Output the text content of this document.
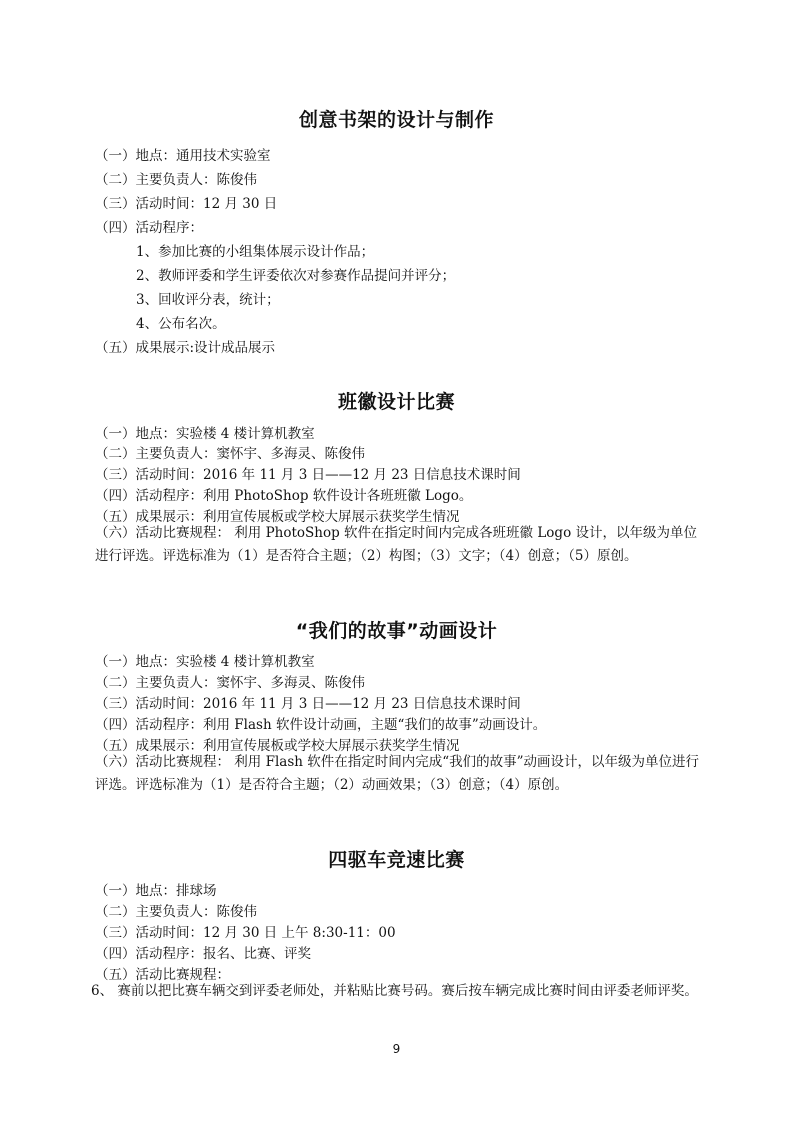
创意书架的设计与制作
（一）地点：通用技术实验室
（二）主要负责人：陈俊伟
（三）活动时间：12 月 30 日
（四）活动程序：
1、参加比赛的小组集体展示设计作品；
2、教师评委和学生评委依次对参赛作品提问并评分；
3、回收评分表，统计；
4、公布名次。
（五）成果展示:设计成品展示
班徽设计比赛
（一）地点：实验楼 4 楼计算机教室
（二）主要负责人：窦怀宇、多海灵、陈俊伟
（三）活动时间：2016 年 11 月 3 日——12 月 23 日信息技术课时间
（四）活动程序：利用 PhotoShop 软件设计各班班徽 Logo。
（五）成果展示：利用宣传展板或学校大屏展示获奖学生情况
（六）活动比赛规程： 利用 PhotoShop 软件在指定时间内完成各班班徽 Logo 设计，以年级为单位进行评选。评选标准为（1）是否符合主题；（2）构图；（3）文字；（4）创意；（5）原创。
“我们的故事”动画设计
（一）地点：实验楼 4 楼计算机教室
（二）主要负责人：窦怀宇、多海灵、陈俊伟
（三）活动时间：2016 年 11 月 3 日——12 月 23 日信息技术课时间
（四）活动程序：利用 Flash 软件设计动画，主题“我们的故事”动画设计。
（五）成果展示：利用宣传展板或学校大屏展示获奖学生情况
（六）活动比赛规程： 利用 Flash 软件在指定时间内完成“我们的故事”动画设计，以年级为单位进行评选。评选标准为（1）是否符合主题；（2）动画效果；（3）创意；（4）原创。
四驱车竞速比赛
（一）地点：排球场
（二）主要负责人：陈俊伟
（三）活动时间：12 月 30 日 上午 8:30-11：00
（四）活动程序：报名、比赛、评奖
（五）活动比赛规程：
6、 赛前以把比赛车辆交到评委老师处，并粘贴比赛号码。赛后按车辆完成比赛时间由评委老师评奖。
9
